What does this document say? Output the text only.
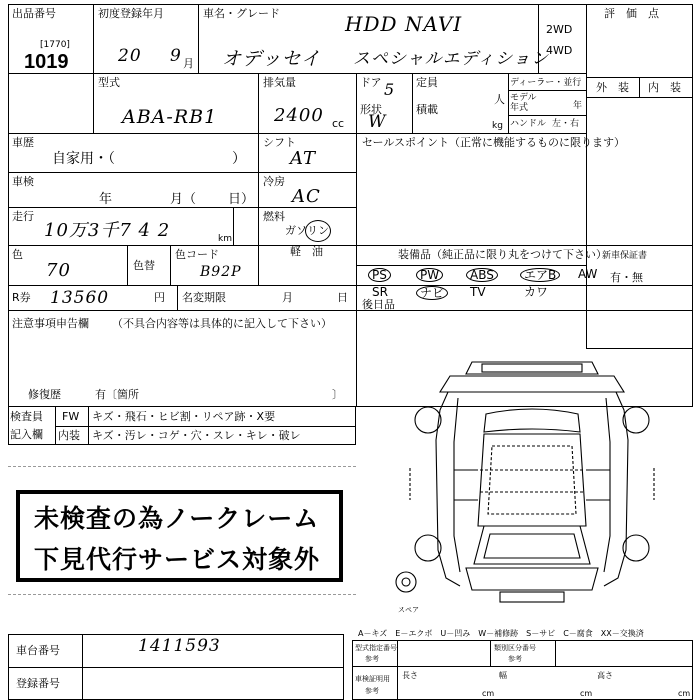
出品番号
[1770]
1019
初度登録年月
20 9 月
車名・グレード	HDD NAVI
オデッセイ スペシャルエディション
2WD
4WD
評　価　点
型式
ABA-RB1
排気量
2400 cc
ドア 5
形状
W
定員
人
積載
kg
ディーラー・並行
モデル
年式	年
ハンドル 左・右
外　装 内　装
車歴
自家用・（	）
シフト
AT
セールスポイント（正常に機能するものに限ります）
車検
年	月（ 日）
冷房
AC
走行
10万3千7 4 2	km
燃料
ガソリン
軽　油
色
70	色替
色コード
B92P
装備品（純正品に限り丸をつけて下さい）
PS	PW	ABS	エアB	AW
SR	ナビ	TV	カワ
新車保証書
有・無
R券 13560	円 名変期限	月	日
後日品
注意事項申告欄 （不具合内容等は具体的に記入して下さい）
修復歴	有〔箇所	〕
検査員
記入欄
FW キズ・飛石・ヒビ割・リペア跡・X要
内装 キズ・汚レ・コゲ・穴・スレ・キレ・破レ
未検査の為ノークレーム
下見代行サービス対象外
スペア
A－キズ　E－エクボ　U－凹み　W－補修跡　S－サビ　C－腐食　XX－交換済
車台番号	1411593
登録番号
型式指定番号
参考
類別区分番号
参考
車検証明用
参考
長さ
cm
幅
cm
高さ
cm
